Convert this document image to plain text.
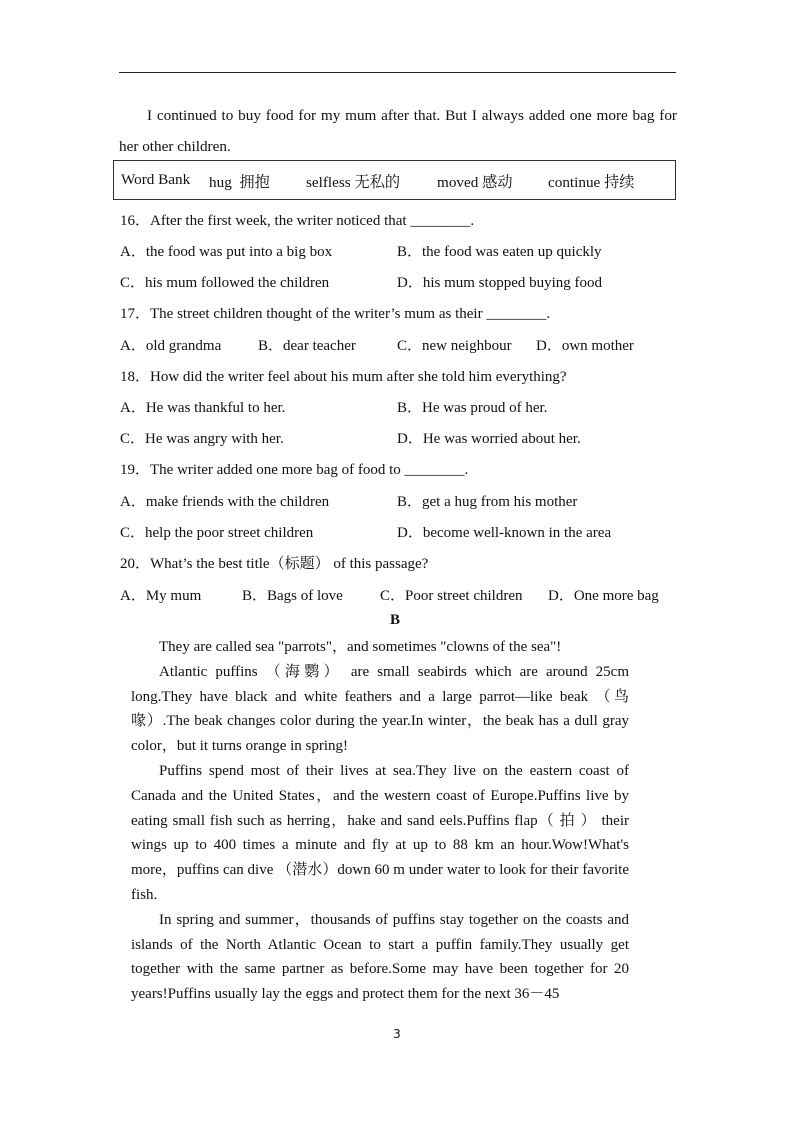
I continued to buy food for my mum after that. But I always added one more bag for her other children.
Word Bank hug 拥抱 selfless 无私的 moved 感动 continue 持续
16．After the first week, the writer noticed that ________.
A．the food was put into a big box	B．the food was eaten up quickly
C．his mum followed the children	D．his mum stopped buying food
17．The street children thought of the writer’s mum as their ________.
A．old grandma B．dear teacher	C．new neighbour D．own mother
18．How did the writer feel about his mum after she told him everything?
A．He was thankful to her.	B．He was proud of her.
C．He was angry with her.	D．He was worried about her.
19．The writer added one more bag of food to ________.
A．make friends with the children	B．get a hug from his mother
C．help the poor street children	D．become well-known in the area
20．What’s the best title（标题） of this passage?
A．My mum	B．Bags of love C．Poor street children D．One more bag
B

They are called sea "parrots"，and sometimes "clowns of the sea"!

Atlantic puffins （海鹦） are small seabirds which are around 25cm long.They have black and white feathers and a large parrot—like beak （鸟喙）.The beak changes color during the year.In winter，the beak has a dull gray color，but it turns orange in spring!

Puffins spend most of their lives at sea.They live on the eastern coast of Canada and the United States，and the western coast of Europe.Puffins live by eating small fish such as herring，hake and sand eels.Puffins flap（ 拍 ） their wings up to 400 times a minute and fly at up to 88 km an hour.Wow!What's more，puffins can dive （潜水）down 60 m under water to look for their favorite fish.

In spring and summer，thousands of puffins stay together on the coasts and islands of the North Atlantic Ocean to start a puffin family.They usually get together with the same partner as before.Some may have been together for 20 years!Puffins usually lay the eggs and protect them for the next 36－45

3
